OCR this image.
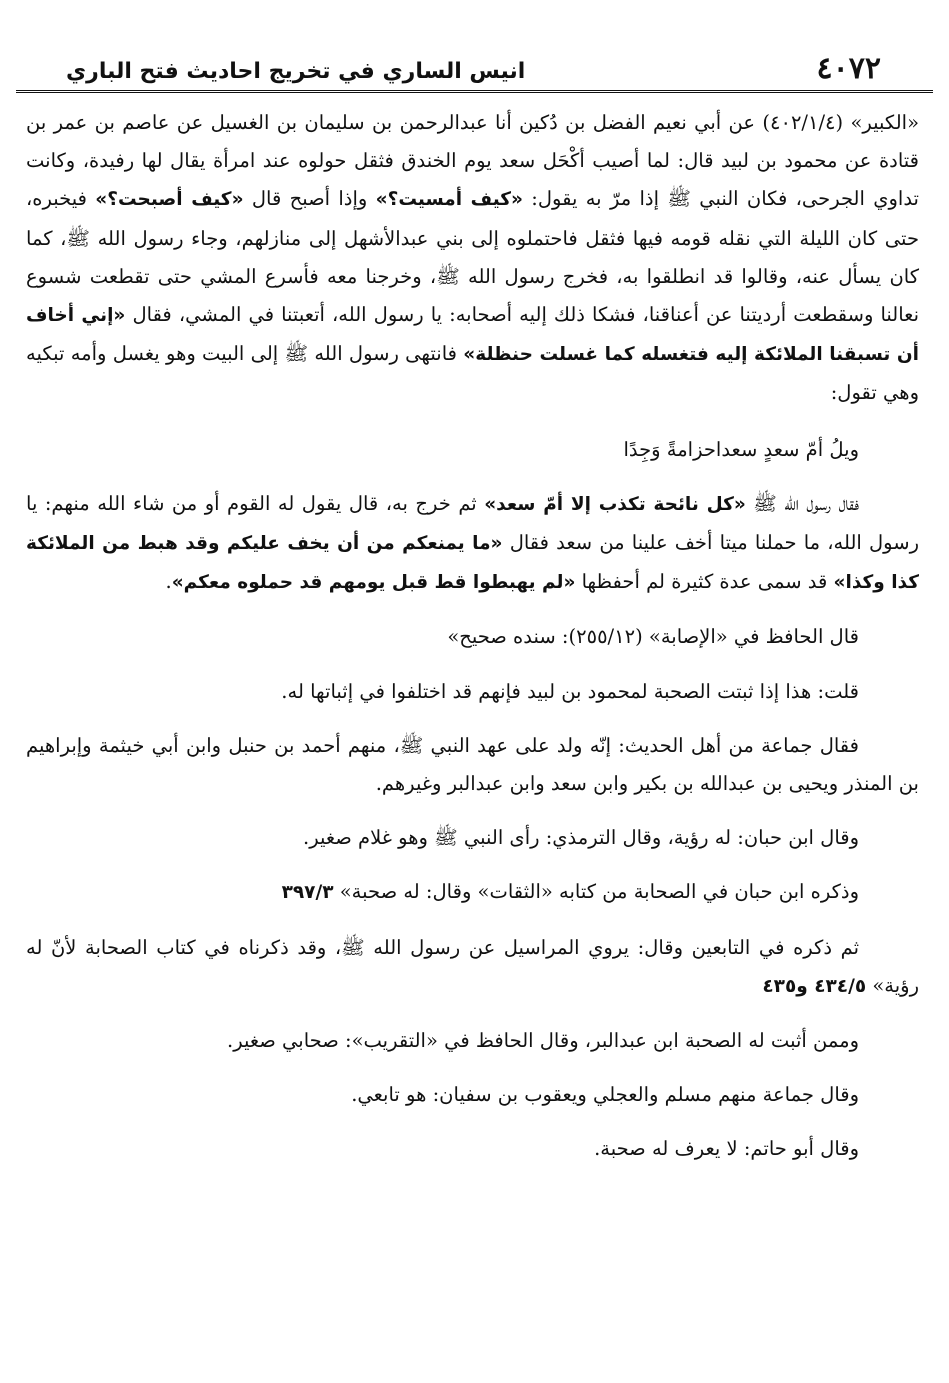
٤٠٧٢
انيس الساري في تخريج احاديث فتح الباري

«الكبير» (٤٠٢/١/٤) عن أبي نعيم الفضل بن دُكين أنا عبدالرحمن بن سليمان بن الغسيل عن عاصم بن عمر بن قتادة عن محمود بن لبيد قال: لما أصيب أكْحَل سعد يوم الخندق فثقل حولوه عند امرأة يقال لها رفيدة، وكانت تداوي الجرحى، فكان النبي ﷺ إذا مرّ به يقول: «كيف أمسيت؟» وإذا أصبح قال «كيف أصبحت؟» فيخبره، حتى كان الليلة التي نقله قومه فيها فثقل فاحتملوه إلى بني عبدالأشهل إلى منازلهم، وجاء رسول الله ﷺ، كما كان يسأل عنه، وقالوا قد انطلقوا به، فخرج رسول الله ﷺ، وخرجنا معه فأسرع المشي حتى تقطعت شسوع نعالنا وسقطعت أرديتنا عن أعناقنا، فشكا ذلك إليه أصحابه: يا رسول الله، أتعبتنا في المشي، فقال «إني أخاف أن تسبقنا الملائكة إليه فتغسله كما غسلت حنظلة» فانتهى رسول الله ﷺ إلى البيت وهو يغسل وأمه تبكيه وهي تقول:

ويلُ أمّ سعدٍ سعداحزامةً وَجِدًا

فقال رسول الله ﷺ «كل نائحة تكذب إلا أمّ سعد» ثم خرج به، قال يقول له القوم أو من شاء الله منهم: يا رسول الله، ما حملنا ميتا أخف علينا من سعد فقال «ما يمنعكم من أن يخف عليكم وقد هبط من الملائكة كذا وكذا» قد سمى عدة كثيرة لم أحفظها «لم يهبطوا قط قبل يومهم قد حملوه معكم».

قال الحافظ في «الإصابة» (٢٥٥/١٢): سنده صحيح»

قلت: هذا إذا ثبتت الصحبة لمحمود بن لبيد فإنهم قد اختلفوا في إثباتها له.

فقال جماعة من أهل الحديث: إنّه ولد على عهد النبي ﷺ، منهم أحمد بن حنبل وابن أبي خيثمة وإبراهيم بن المنذر ويحيى بن عبدالله بن بكير وابن سعد وابن عبدالبر وغيرهم.

وقال ابن حبان: له رؤية، وقال الترمذي: رأى النبي ﷺ وهو غلام صغير.

وذكره ابن حبان في الصحابة من كتابه «الثقات» وقال: له صحبة» ٣٩٧/٣

ثم ذكره في التابعين وقال: يروي المراسيل عن رسول الله ﷺ، وقد ذكرناه في كتاب الصحابة لأنّ له رؤية» ٤٣٤/٥ و٤٣٥

وممن أثبت له الصحبة ابن عبدالبر، وقال الحافظ في «التقريب»: صحابي صغير.

وقال جماعة منهم مسلم والعجلي ويعقوب بن سفيان: هو تابعي.

وقال أبو حاتم: لا يعرف له صحبة.
